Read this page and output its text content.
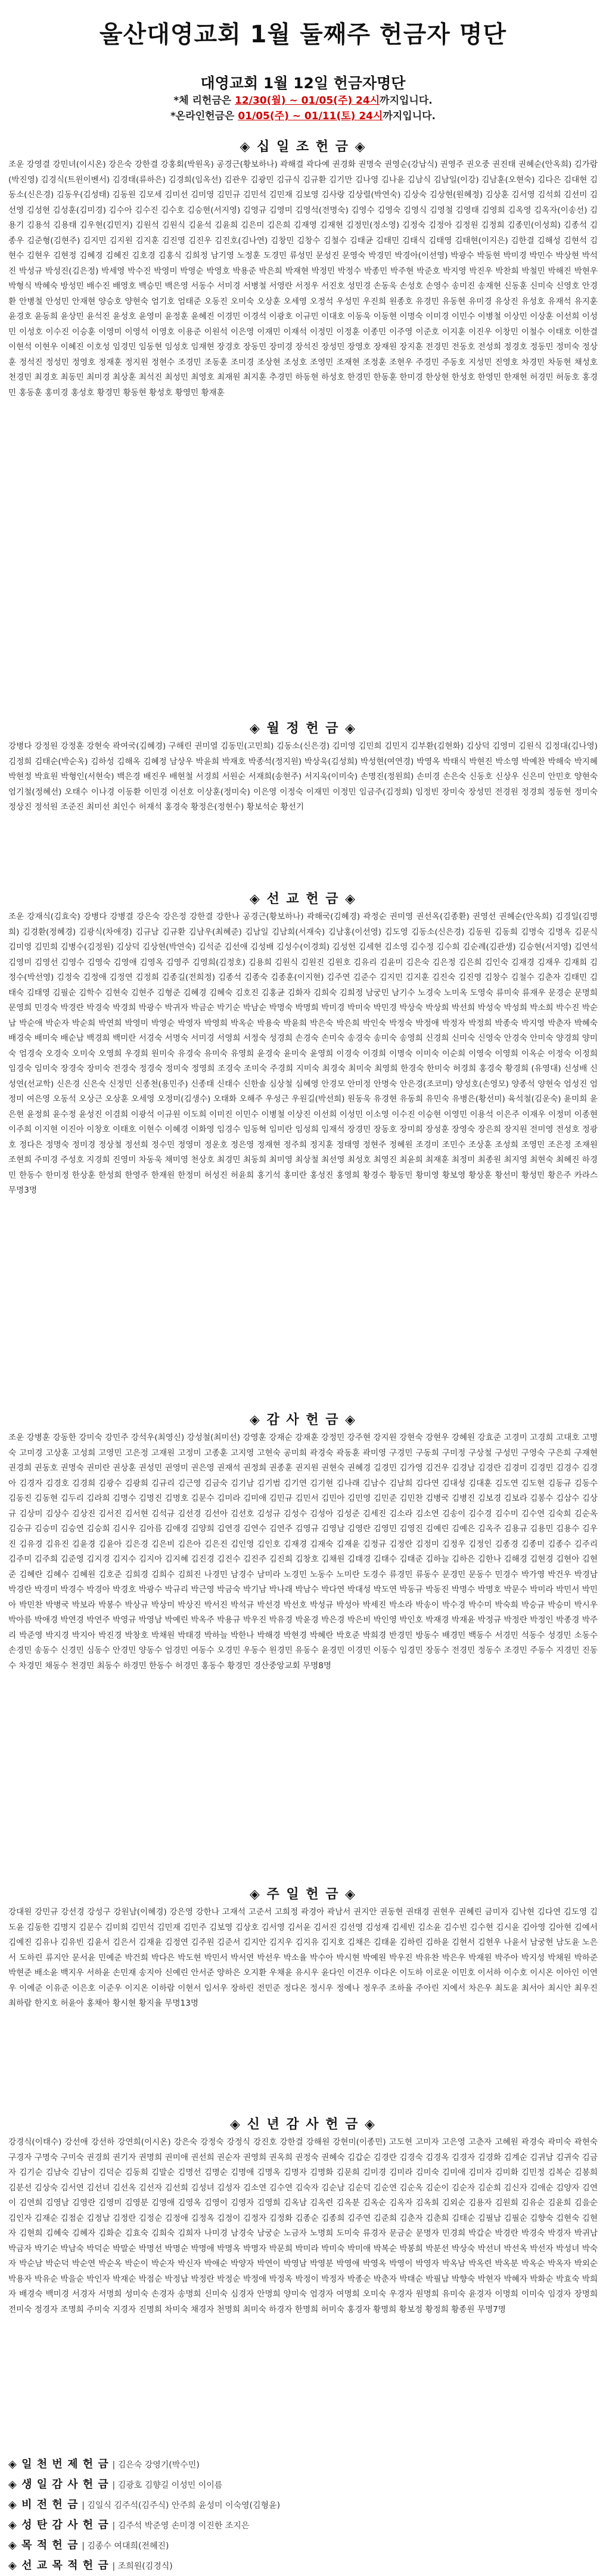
울산대영교회 1월 둘째주 헌금자 명단
대영교회 1월 12일 헌금자명단
*체 리헌금은 12/30(월) ~ 01/05(주) 24시까지입니다.
*온라인헌금은 01/05(주) ~ 01/11(토) 24시까지입니다.
◈ 십 일 조 헌 금 ◈

조운 강영결 강민녀(이시온) 강은숙 강한결 강홍회(박원옥) 공경근(황보하나) 곽해결 곽다예 권경화 권명숙 권영순(강남식) 권영주 권오중 권진태 권혜순(안옥희) 김가람(박진영) 김경식(트윈이벤서) 김경태(류하은) 김경희(임옥선) 김관우 김광민 김규식 김규환 김기만 김나영 김나윤 김남식 김남일(이강) 김남훈(오현숙) 김다은 김대현 김동소(신은경) 김동우(김성태) 김동원 김모세 김미선 김미영 김민규 김민석 김민재 김보영 김사랑 김상렬(박연숙) 김상숙 김상현(원혜정) 김상훈 김서영 김석희 김선미 김선영 김성현 김성훈(김미경) 김수아 김수진 김수호 김승현(서지영) 김영규 김영미 김영석(전명숙) 김영수 김영숙 김영식 김영철 김영태 김영희 김옥영 김옥자(이송선) 김용기 김용석 김용태 김우현(김민지) 김원석 김원식 김윤석 김윤희 김은미 김은희 김재영 김재현 김정민(정소영) 김정숙 김정아 김정원 김정희 김종민(이성희) 김종석 김종우 김준형(김현주) 김지민 김지원 김지훈 김진영 김진우 김진호(김나연) 김창민 김창수 김철수 김태균 김태민 김태식 김태영 김태현(이지은) 김한결 김해성 김현석 김현수 김현우 김현정 김혜경 김혜진 김호경 김홍식 김희정 남기영 노정훈 도경민 류성민 문성진 문영숙 박경민 박경아(이선영) 박광수 박동현 박미경 박민수 박상현 박석진 박성규 박성진(김은정) 박세영 박수진 박영미 박영순 박영호 박용준 박은희 박재현 박정민 박정수 박종민 박주현 박준호 박지영 박진우 박찬희 박철민 박해진 박현우 박형식 박혜숙 방성민 배수진 배영호 백승민 백은영 서동수 서미경 서병철 서영란 서정우 서진호 성민경 손동욱 손성호 손영수 송미진 송재현 신동훈 신미숙 신영호 안경환 안병철 안성민 안재현 양승호 양현숙 엄기호 엄태준 오동진 오미숙 오상훈 오세영 오정석 우성민 우진희 원종호 유경민 유동현 유미경 유상진 유성호 유재석 유지훈 윤경호 윤동희 윤상민 윤석진 윤성호 윤영미 윤정훈 윤혜진 이경민 이경석 이광호 이규민 이대호 이동욱 이동현 이명숙 이미경 이민수 이병철 이상민 이상훈 이선희 이성민 이성호 이수진 이승훈 이영미 이영석 이영호 이용준 이원석 이은영 이재민 이재석 이정민 이정훈 이종민 이주영 이준호 이지훈 이진우 이창민 이철수 이태호 이한결 이현석 이현우 이혜진 이호성 임경민 임동현 임성호 임재현 장경호 장동민 장미경 장석진 장성민 장영호 장재원 장지훈 전경민 전동호 전성희 정경호 정동민 정미숙 정상훈 정석진 정성민 정영호 정재훈 정지원 정현수 조경민 조동훈 조미경 조상현 조성호 조영민 조재현 조정훈 조현우 주경민 주동호 지성민 진영호 차경민 차동현 채성호 천경민 최경호 최동민 최미경 최상훈 최석진 최성민 최영호 최재원 최지훈 추경민 하동현 하성호 한경민 한동훈 한미경 한상현 한성호 한영민 한재현 허경민 허동호 홍경민 홍동훈 홍미경 홍성호 황경민 황동현 황성호 황영민 황재훈

◈ 월 정 헌 금 ◈

강병다 강정원 강정훈 강현숙 곽여국(김혜경) 구해린 권미열 김동민(고민희) 김동소(신은경) 김미영 김민희 김민지 김부환(김현화) 김상덕 김영미 김원식 김정대(김나영) 김정희 김태순(박순옥) 김하성 김해옥 김혜정 남상우 박윤희 박재호 박종석(정지원) 박상욱(김성희) 박성현(여연경) 박영옥 박태식 박현진 박소영 박예찬 박해숙 박지혜 박현정 박효원 박형인(서현숙) 백은경 배진우 배현철 서경희 서원순 서재희(송현주) 서지욱(이미숙) 손명진(정원희) 손미경 손은숙 신동호 신상우 신은미 안민호 양현숙 엄기철(정혜선) 오태수 이나경 이동환 이민경 이선호 이상훈(정미숙) 이은영 이정숙 이재민 이정민 임금주(김정희) 임정빈 장미숙 장성민 전경원 정경희 정동현 정미숙 정상진 정석원 조준진 최미선 최인수 허재석 홍경숙 황정은(정현수) 황보석순 황선기

◈ 선 교 헌 금 ◈

조운 강재식(김효숙) 강병다 강병결 강은숙 강은정 강한결 강한나 공경근(황보하나) 곽해국(김혜경) 곽정순 권미영 권선옥(김종환) 권영선 권혜순(안옥희) 김경일(김명희) 김경환(정혜경) 김광식(차애경) 김규남 김규환 김남우(최혜준) 김남일 김남희(서재숙) 김남홍(이선영) 김도영 김동소(신은경) 김동원 김동희 김명숙 김명옥 김문식 김미영 김민희 김병수(김정원) 김상덕 김상현(박연숙) 김석준 김선애 김성배 김성수(이경희) 김성헌 김세현 김소영 김수정 김수희 김순례(김관생) 김승현(서지영) 김연석 김영미 김영선 김영수 김영숙 김영애 김영옥 김영주 김영희(김정호) 김용희 김원식 김원진 김원호 김유리 김윤미 김은숙 김은정 김은희 김인숙 김재경 김재우 김재희 김정수(박선영) 김정숙 김정애 김정연 김정희 김종길(전희정) 김종석 김종숙 김종훈(이지현) 김주연 김준수 김지민 김지훈 김진숙 김진영 김창수 김철수 김춘자 김태민 김태숙 김태영 김필순 김학수 김현숙 김현주 김형준 김혜경 김혜숙 김호진 김홍균 김화자 김희숙 김희정 남궁민 남기수 노경숙 노미옥 도영숙 류미숙 류재우 문경순 문명희 문영희 민경숙 박경란 박경숙 박경희 박광수 박귀자 박금순 박기순 박남순 박명숙 박명희 박미경 박미숙 박민경 박상숙 박상희 박선희 박성숙 박성희 박소희 박수진 박순남 박순애 박순자 박순희 박연희 박영미 박영순 박영자 박영희 박옥순 박용숙 박윤희 박은숙 박은희 박인숙 박정숙 박정애 박정자 박정희 박종숙 박지영 박춘자 박혜숙 배경숙 배미숙 배순남 백경희 백미란 서경숙 서명숙 서미경 서영희 서정숙 성경희 손경숙 손미숙 송경숙 송미숙 송영희 신경희 신미숙 신영숙 안경숙 안미숙 양경희 양미숙 엄경숙 오경숙 오미숙 오영희 우경희 원미숙 유경숙 유미숙 유영희 윤경숙 윤미숙 윤영희 이경숙 이경희 이명숙 이미숙 이순희 이영숙 이영희 이옥순 이정숙 이정희 임경숙 임미숙 장경숙 장미숙 전경숙 정경숙 정미숙 정영희 조경숙 조미숙 주경희 지미숙 최경숙 최미숙 최영희 한경숙 한미숙 허경희 홍경숙 황경희 (유영대) 신성배 신성연(선교학) 신은경 신은숙 신정민 신종천(용민주) 신종태 신태수 신한솔 심상철 심혜영 안경모 안미정 안명숙 안은경(조코미) 양성호(손영모) 양종석 양현숙 엄성진 엄정미 여은영 오동석 오상근 오상훈 오세영 오정미(김생수) 오태화 오해주 우성근 우원길(박선희) 원동욱 유경현 유동희 유민숙 유병은(황선미) 육석철(김운숙) 윤미희 윤은현 윤정희 윤수정 윤성진 이겸희 이광석 이규원 이도희 이미진 이민수 이병철 이상진 이선희 이성민 이소영 이수진 이승현 이영민 이용석 이은주 이재우 이정미 이종현 이주희 이지현 이진아 이창호 이태호 이현수 이혜경 이화영 임경수 임동혁 임미란 임성희 임재석 장경민 장동호 장미희 장성훈 장영숙 장은희 장지원 전미영 전성호 정광호 정다은 정명숙 정미경 정상철 정선희 정수민 정영미 정운호 정은영 정재현 정주희 정지훈 정태영 정현주 정혜원 조경미 조민수 조상훈 조성희 조영민 조은정 조재원 조현희 주미경 주성호 지경희 진영미 차동욱 채미영 천상호 최경민 최동희 최미영 최상철 최선영 최성호 최영진 최윤희 최재훈 최정미 최종원 최지영 최현숙 최혜진 하경민 한동수 한미정 한상훈 한성희 한영주 한재원 한정미 허성진 허윤희 홍기석 홍미란 홍성진 홍영희 황경수 황동민 황미영 황보영 황상훈 황선미 황성민 황은주 카라스 무명3명

◈ 감 사 헌 금 ◈

조운 강병훈 강동한 강미숙 강민주 강석우(최영신) 강성철(최미선) 강영훈 강재순 강재훈 강정민 강주현 강지원 강현숙 강현우 강혜원 강효준 고경미 고경희 고대호 고명숙 고미경 고상훈 고성희 고영민 고은정 고재원 고정미 고종훈 고지영 고현숙 공미희 곽경숙 곽동훈 곽미영 구경민 구동희 구미정 구상철 구성민 구영숙 구은희 구재현 권경희 권동호 권명숙 권미란 권상훈 권성민 권영미 권은영 권재석 권정희 권종훈 권지원 권현숙 권혜경 길경민 김가영 김건우 김경남 김경란 김경미 김경민 김경수 김경아 김경자 김경호 김경희 김광수 김광희 김규리 김근영 김금숙 김기남 김기범 김기연 김기현 김나래 김남수 김남희 김다연 김대성 김대훈 김도연 김도현 김동규 김동수 김동진 김동현 김두리 김라희 김명수 김명진 김명호 김문수 김미라 김미애 김민규 김민서 김민아 김민영 김민준 김민찬 김병국 김병진 김보경 김보라 김봉수 김삼수 김상규 김상미 김상수 김상진 김서진 김서현 김석규 김선경 김선아 김선호 김성규 김성수 김성아 김성준 김세진 김소라 김소연 김송이 김수경 김수미 김수연 김숙희 김순옥 김승규 김승미 김승연 김승희 김시우 김아름 김애경 김양희 김연경 김연수 김연주 김영규 김영남 김영란 김영민 김영진 김예린 김예은 김옥주 김용규 김용민 김용수 김우진 김유경 김유진 김윤경 김윤아 김은경 김은비 김은아 김은진 김인영 김인호 김재경 김재숙 김재윤 김정규 김정란 김정미 김정우 김정인 김종경 김종미 김종수 김주리 김주미 김주희 김준영 김지경 김지수 김지아 김지혜 김진경 김진수 김진주 김진희 김창호 김채원 김태경 김태수 김태준 김하늘 김하은 김한나 김해경 김현경 김현아 김현준 김혜란 김혜수 김혜원 김호준 김희경 김희수 김희진 나경민 남경수 남미라 노경민 노동수 노미란 도경수 류경민 류동수 문경민 문동수 민경수 박가영 박건우 박경남 박경란 박경미 박경수 박경아 박경호 박광수 박규리 박근영 박금숙 박기남 박나래 박남수 박다연 박대성 박도연 박동규 박동진 박명수 박명호 박문수 박미라 박민서 박민아 박민찬 박병국 박보라 박봉수 박상규 박상미 박상진 박서진 박석규 박선경 박선호 박성규 박성아 박세진 박소라 박송이 박수경 박수미 박숙희 박승규 박승미 박시우 박아름 박애경 박연경 박연주 박영규 박영남 박예린 박옥주 박용규 박우진 박유경 박윤경 박은경 박은비 박인영 박인호 박재경 박재윤 박정규 박정란 박정인 박종경 박주리 박준영 박지경 박지아 박진경 박창호 박채원 박태경 박하늘 박한나 박해경 박현경 박혜란 박호준 박희경 반경민 방동수 배경민 백동수 서경민 석동수 성경민 소동수 손경민 송동수 신경민 심동수 안경민 양동수 엄경민 여동수 오경민 우동수 원경민 유동수 윤경민 이경민 이동수 임경민 장동수 전경민 정동수 조경민 주동수 지경민 진동수 차경민 채동수 천경민 최동수 하경민 한동수 허경민 홍동수 황경민 경산중앙교회 무명8명

◈ 주 일 헌 금 ◈

강대원 강민규 강선경 강성구 강원남(이혜경) 강은영 강한나 고재석 고준서 고희정 곽경아 곽남서 권지안 권동현 권태경 권현우 권혜린 금미자 김낙현 김다연 김도영 김도윤 김동한 김명지 김문수 김미희 김민석 김민재 김민주 김보영 김상호 김서영 김서윤 김서진 김선영 김성재 김세빈 김소윤 김수빈 김수현 김시윤 김아영 김아현 김예서 김예진 김유나 김유빈 김윤서 김은서 김재윤 김정연 김주원 김준서 김지안 김지우 김지유 김지호 김채은 김태윤 김하린 김하윤 김현서 김현우 나윤서 남궁현 남도윤 노은서 도하린 류지안 문서윤 민예준 박건희 박다은 박도현 박민서 박서연 박선우 박소율 박수아 박시현 박예원 박우진 박유찬 박은우 박재원 박주아 박지성 박채원 박하준 박현준 배소윤 백지우 서하윤 손민재 송지아 신예린 안서준 양하은 오지환 우채윤 유시우 윤다인 이건우 이다온 이도하 이로운 이민호 이서하 이수호 이시온 이아인 이연우 이예준 이유준 이은호 이준우 이지온 이하람 이현서 임서우 장하린 전민준 정다온 정시우 정예나 정우주 조하율 주아린 지예서 차은우 최도윤 최서아 최시안 최우진 최하람 한지호 허윤아 홍채아 황시현 황지율 무명13명

◈ 신 년 감 사 헌 금 ◈

강경식(이태수) 강선애 강선하 강연희(이시온) 강은숙 강정숙 강정식 강진호 강한결 강해원 강현미(이종민) 고도현 고미자 고은영 고춘자 고혜원 곽경숙 곽미숙 곽현숙 구경자 구명숙 구미숙 권경희 권기자 권명희 권미애 권선희 권순자 권영희 권옥희 권정숙 권혜숙 김갑순 김경란 김경숙 김경옥 김경자 김경화 김계순 김귀남 김귀숙 김금자 김기순 김남숙 김남이 김덕순 김동희 김말순 김명선 김명순 김명애 김명옥 김명자 김명화 김문희 김미경 김미라 김미숙 김미애 김미자 김미화 김민정 김복순 김봉희 김분선 김상숙 김서연 김선녀 김선옥 김선자 김선희 김성녀 김성자 김소연 김수연 김숙자 김순남 김순덕 김순연 김순옥 김순이 김순자 김순희 김신자 김애순 김양자 김연이 김연희 김영남 김영란 김영미 김영분 김영애 김영옥 김영이 김영자 김영희 김옥남 김옥련 김옥분 김옥순 김옥자 김옥희 김외순 김용자 김원희 김유순 김윤희 김을순 김인자 김재순 김점순 김정남 김정란 김정순 김정애 김정옥 김정이 김정자 김정화 김종순 김종희 김주연 김준희 김춘자 김춘희 김태순 김필남 김필순 김향숙 김현숙 김현자 김현희 김혜숙 김혜자 김화순 김효숙 김희숙 김희자 나미경 남경숙 남궁순 노금자 노명희 도미숙 류경자 문금순 문명자 민경희 박갑순 박경란 박경숙 박경자 박귀남 박금자 박기순 박남숙 박덕순 박말순 박명선 박명순 박명애 박명옥 박명자 박문희 박미라 박미숙 박미애 박복순 박봉희 박분선 박상숙 박선녀 박선옥 박선자 박성녀 박숙자 박순남 박순덕 박순연 박순옥 박순이 박순자 박신자 박애순 박양자 박연이 박영남 박영분 박영애 박영옥 박영이 박영자 박옥남 박옥련 박옥분 박옥순 박옥자 박외순 박용자 박유순 박을순 박인자 박재순 박점순 박정남 박정란 박정순 박정애 박정옥 박정이 박정자 박종순 박춘자 박태순 박필남 박향숙 박현자 박혜자 박화순 박효숙 박희자 배경숙 백미경 서경자 서명희 성미숙 손경자 송명희 신미숙 심경자 안명희 양미숙 엄경자 여명희 오미숙 우경자 원명희 유미숙 윤경자 이명희 이미숙 임경자 장명희 전미숙 정경자 조명희 주미숙 지경자 진명희 차미숙 채경자 천명희 최미숙 하경자 한명희 허미숙 홍경자 황명희 황보정 황정희 황종원 무명7명

◈ 일 천 번 제 헌 금 | 김은숙 강영기(박수민)
◈ 생 일 감 사 헌 금 | 김광호 김향길 이성민 이이름
◈ 비 전 헌 금 | 김일식 김주석(김주식) 안주희 윤성미 이숙영(김형윤)
◈ 성 탄 감 사 헌 금 | 김주석 박준영 손미경 이진한 조지은
◈ 목 적 헌 금 | 김종수 여대희(전혜진)
◈ 선 교 목 적 헌 금 | 조희원(김경식)
